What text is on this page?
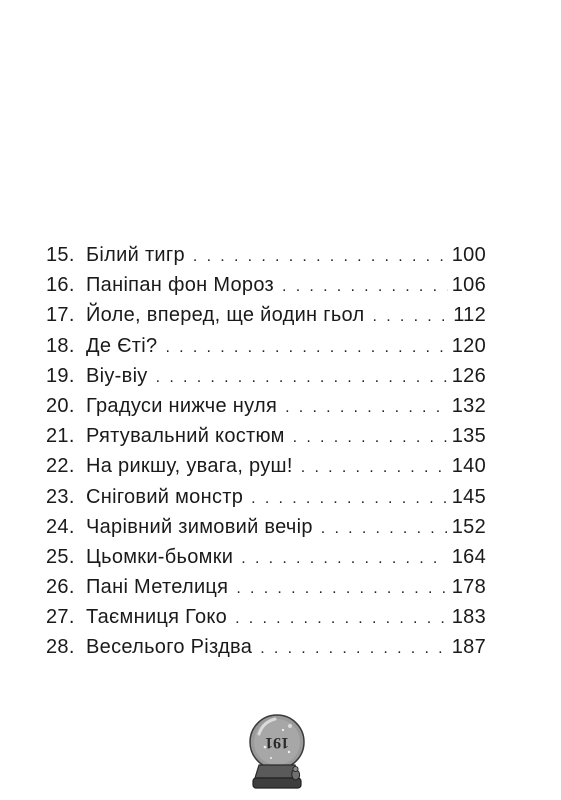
15. Білий тигр . . .	100
16. Паніпан фон Мороз . . .	106
17. Йоле, вперед, ще йодин гьол . . .	112
18. Де Єті? . . .	120
19. Віу-віу . . .	126
20. Градуси нижче нуля . . .	132
21. Рятувальний костюм . . .	135
22. На рикшу, увага, руш! . . .	140
23. Сніговий монстр . . .	145
24. Чарівний зимовий вечір . . .	152
25. Цьомки-бьомки . . .	164
26. Пані Метелиця . . .	178
27. Таємниця Гоко . . .	183
28. Веселього Різдва . . .	187
191
